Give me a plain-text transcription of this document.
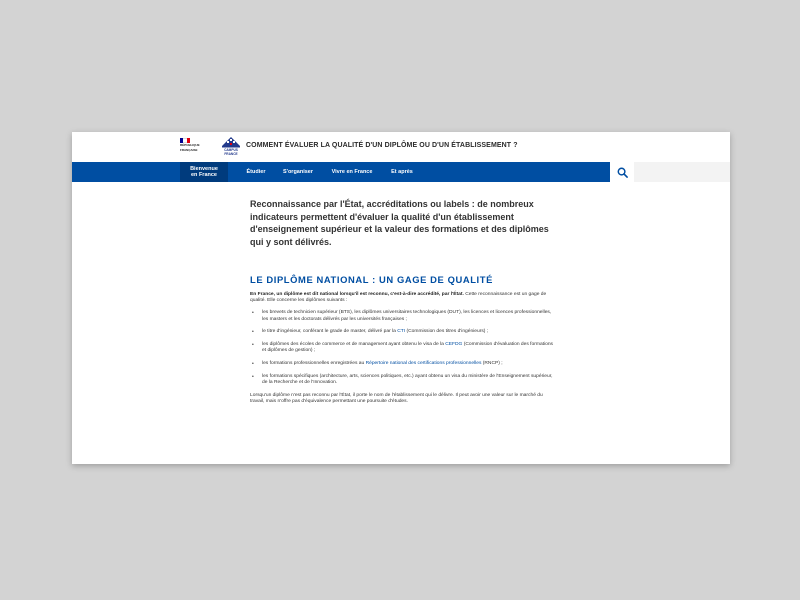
RÉPUBLIQUE
FRANÇAISE	CAMPUS FRANCE
COMMENT ÉVALUER LA QUALITÉ D'UN DIPLÔME OU D'UN ÉTABLISSEMENT ?
Bienvenue en France	Étudier	S'organiser	Vivre en France	Et après

Reconnaissance par l'État, accréditations ou labels : de nombreux indicateurs permettent d'évaluer la qualité d'un établissement d'enseignement supérieur et la valeur des formations et des diplômes qui y sont délivrés.

LE DIPLÔME NATIONAL : UN GAGE DE QUALITÉ

En France, un diplôme est dit national lorsqu'il est reconnu, c'est-à-dire accrédité, par l'État. Cette reconnaissance est un gage de qualité. Elle concerne les diplômes suivants :

• les brevets de technicien supérieur (BTS), les diplômes universitaires technologiques (DUT), les licences et licences professionnelles, les masters et les doctorats délivrés par les universités françaises ;
• le titre d'ingénieur, conférant le grade de master, délivré par la CTI (Commission des titres d'ingénieurs) ;
• les diplômes des écoles de commerce et de management ayant obtenu le visa de la CEFDG (Commission d'évaluation des formations et diplômes de gestion) ;
• les formations professionnelles enregistrées au Répertoire national des certifications professionnelles (RNCP) ;
• les formations spécifiques (architecture, arts, sciences politiques, etc.) ayant obtenu un visa du ministère de l'Enseignement supérieur, de la Recherche et de l'Innovation.

Lorsqu'un diplôme n'est pas reconnu par l'État, il porte le nom de l'établissement qui le délivre. Il peut avoir une valeur sur le marché du travail, mais n'offre pas d'équivalence permettant une poursuite d'études.
